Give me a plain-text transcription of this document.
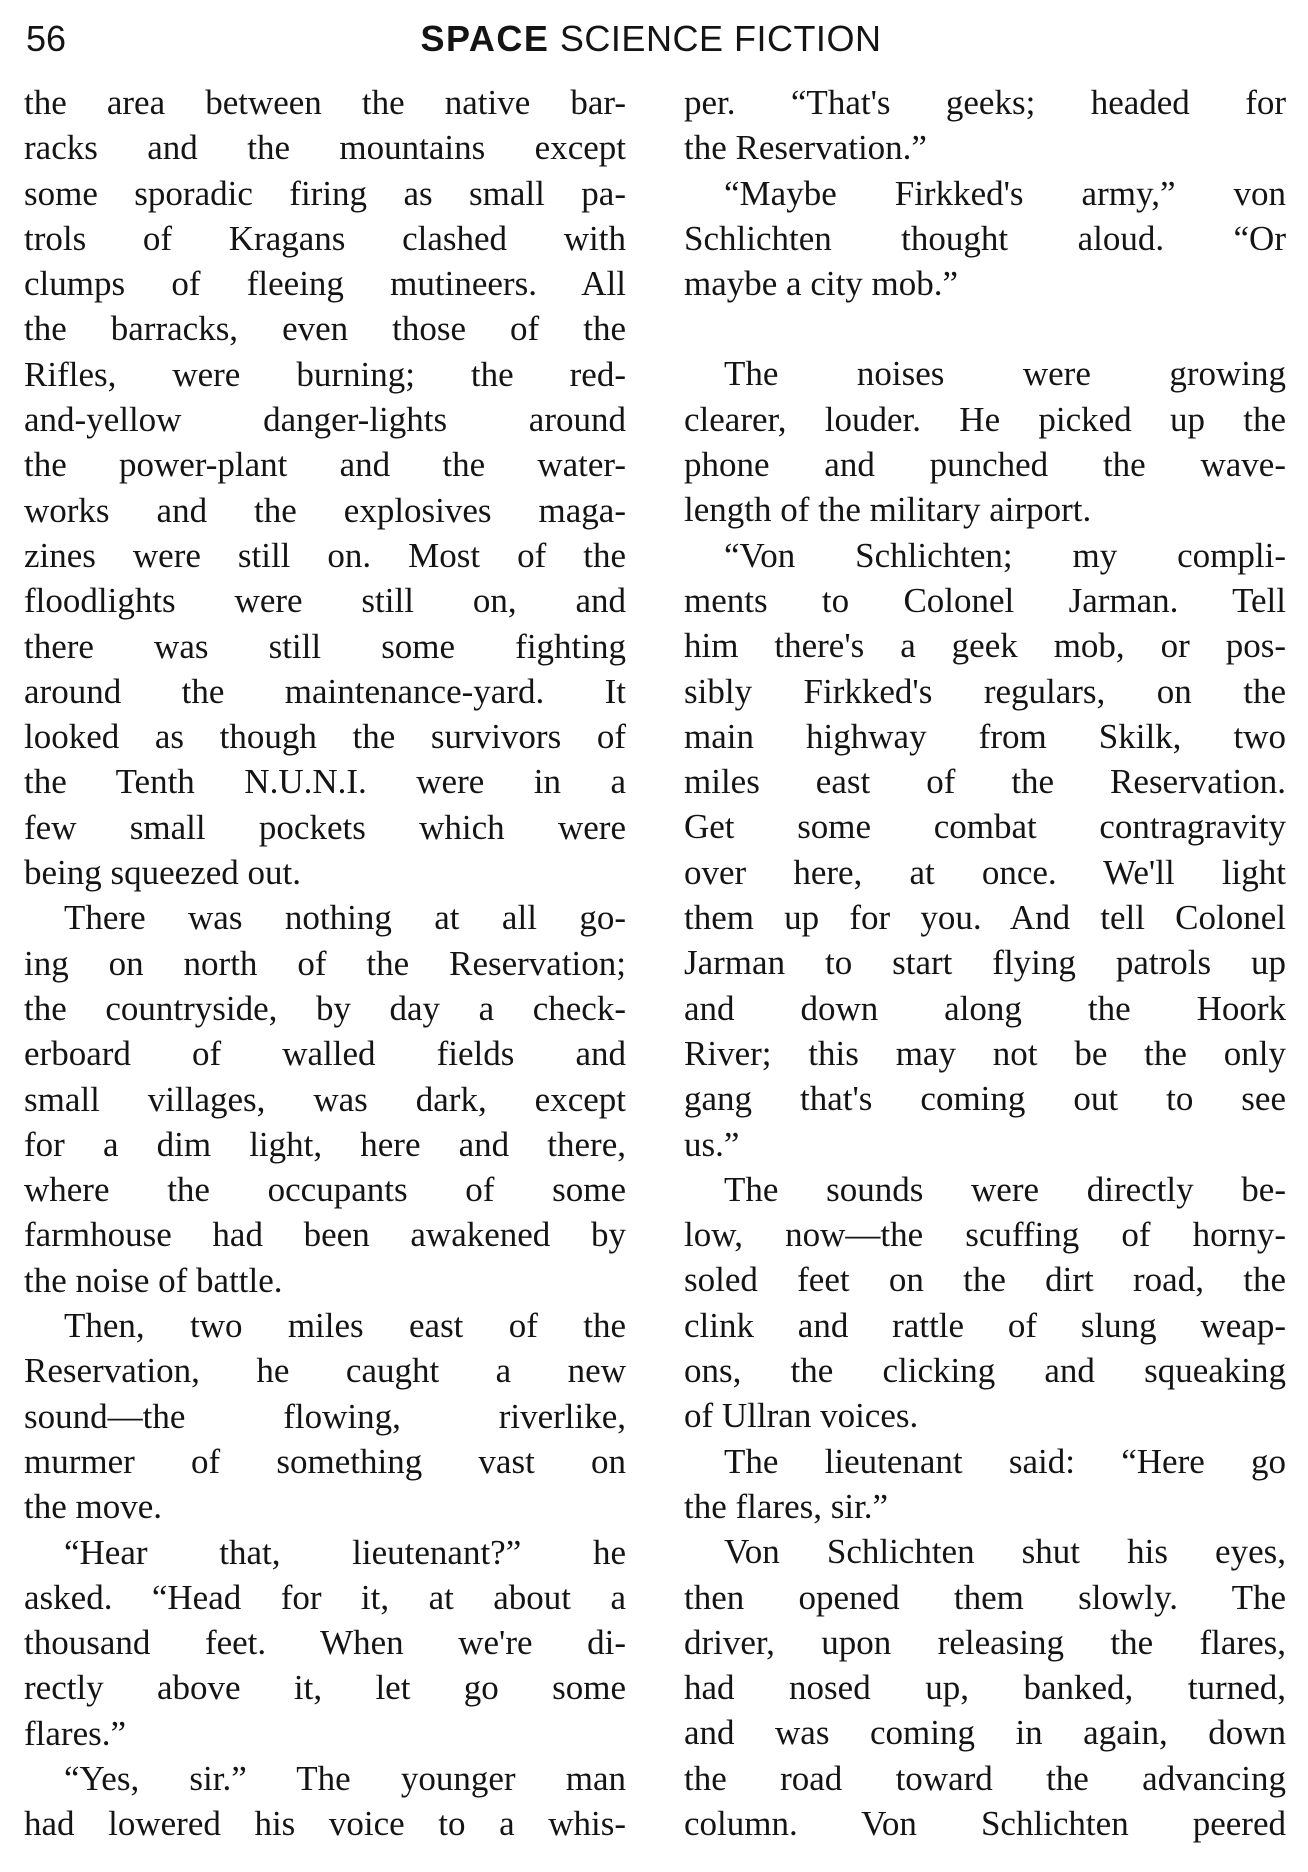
56	SPACE SCIENCE FICTION

the area between the native bar-

racks and the mountains except

some sporadic firing as small pa-

trols of Kragans clashed with

clumps of fleeing mutineers. All

the barracks, even those of the

Rifles, were burning; the red-

and-yellow danger-lights around

the power-plant and the water-

works and the explosives maga-

zines were still on. Most of the

floodlights were still on, and

there was still some fighting

around the maintenance-yard. It

looked as though the survivors of

the Tenth N.U.N.I. were in a

few small pockets which were

being squeezed out.

There was nothing at all go-

ing on north of the Reservation;

the countryside, by day a check-

erboard of walled fields and

small villages, was dark, except

for a dim light, here and there,

where the occupants of some

farmhouse had been awakened by

the noise of battle.

Then, two miles east of the

Reservation, he caught a new

sound—the flowing, riverlike,

murmer of something vast on

the move.

“Hear that, lieutenant?” he

asked. “Head for it, at about a

thousand feet. When we're di-

rectly above it, let go some

flares.”

“Yes, sir.” The younger man

had lowered his voice to a whis-

per. “That's geeks; headed for

the Reservation.”

“Maybe Firkked's army,” von

Schlichten thought aloud. “Or

maybe a city mob.”

The noises were growing

clearer, louder. He picked up the

phone and punched the wave-

length of the military airport.

“Von Schlichten; my compli-

ments to Colonel Jarman. Tell

him there's a geek mob, or pos-

sibly Firkked's regulars, on the

main highway from Skilk, two

miles east of the Reservation.

Get some combat contragravity

over here, at once. We'll light

them up for you. And tell Colonel

Jarman to start flying patrols up

and down along the Hoork

River; this may not be the only

gang that's coming out to see

us.”

The sounds were directly be-

low, now—the scuffing of horny-

soled feet on the dirt road, the

clink and rattle of slung weap-

ons, the clicking and squeaking

of Ullran voices.

The lieutenant said: “Here go

the flares, sir.”

Von Schlichten shut his eyes,

then opened them slowly. The

driver, upon releasing the flares,

had nosed up, banked, turned,

and was coming in again, down

the road toward the advancing

column. Von Schlichten peered
